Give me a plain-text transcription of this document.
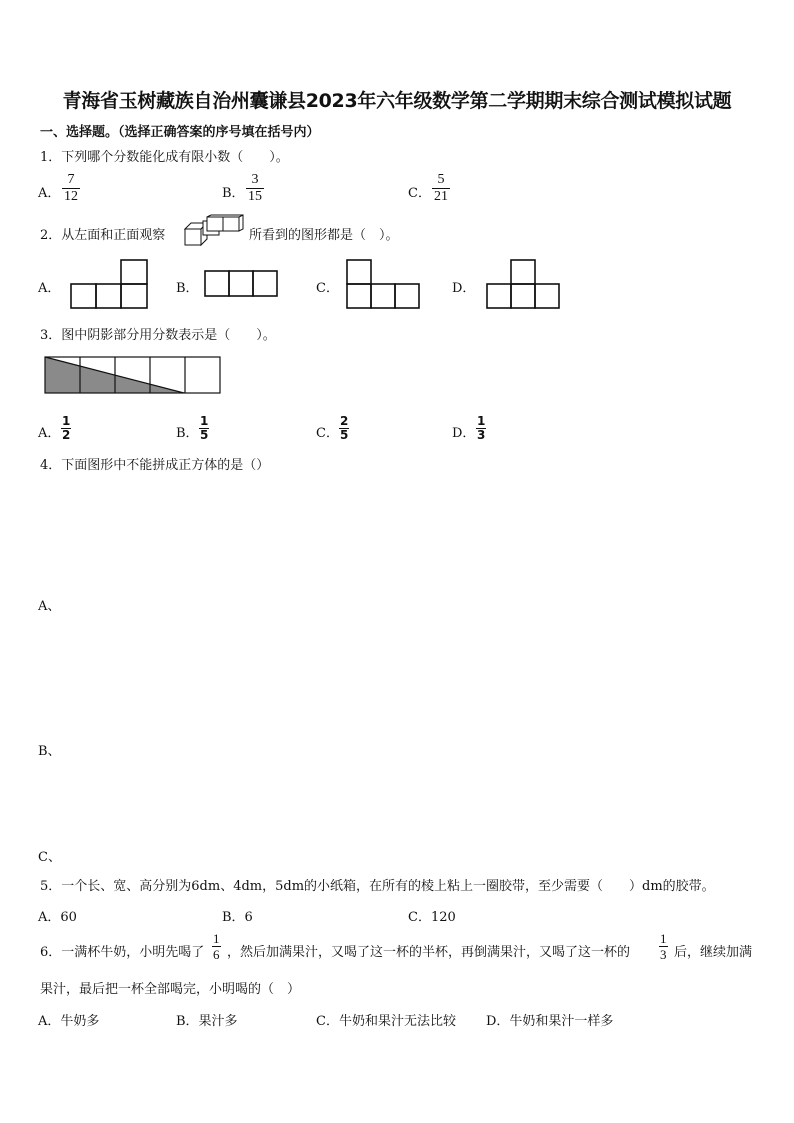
青海省玉树藏族自治州囊谦县2023年六年级数学第二学期期末综合测试模拟试题
一、选择题。（选择正确答案的序号填在括号内）
1．下列哪个分数能化成有限小数（　　）。
A． $\frac{7}{12}$	B． $\frac{3}{15}$	C． $\frac{5}{21}$
2．从左面和正面观察	所看到的图形都是（　）。
A．	B．	C．	D．
3．图中阴影部分用分数表示是（　　）。
A． $\frac{1}{2}$	B． $\frac{1}{5}$	C． $\frac{2}{5}$	D． $\frac{1}{3}$
4．下面图形中不能拼成正方体的是（）
A、
B、
C、
5．一个长、宽、高分别为6dm、4dm，5dm的小纸箱，在所有的棱上粘上一圈胶带，至少需要（　　）dm的胶带。
A．60	B．6	C．120
6．一满杯牛奶，小明先喝了 $\frac{1}{6}$ ，然后加满果汁，又喝了这一杯的半杯，再倒满果汁，又喝了这一杯的 $\frac{1}{3}$ 后，继续加满
果汁，最后把一杯全部喝完，小明喝的（　）
A．牛奶多	B．果汁多	C．牛奶和果汁无法比较 D．牛奶和果汁一样多
